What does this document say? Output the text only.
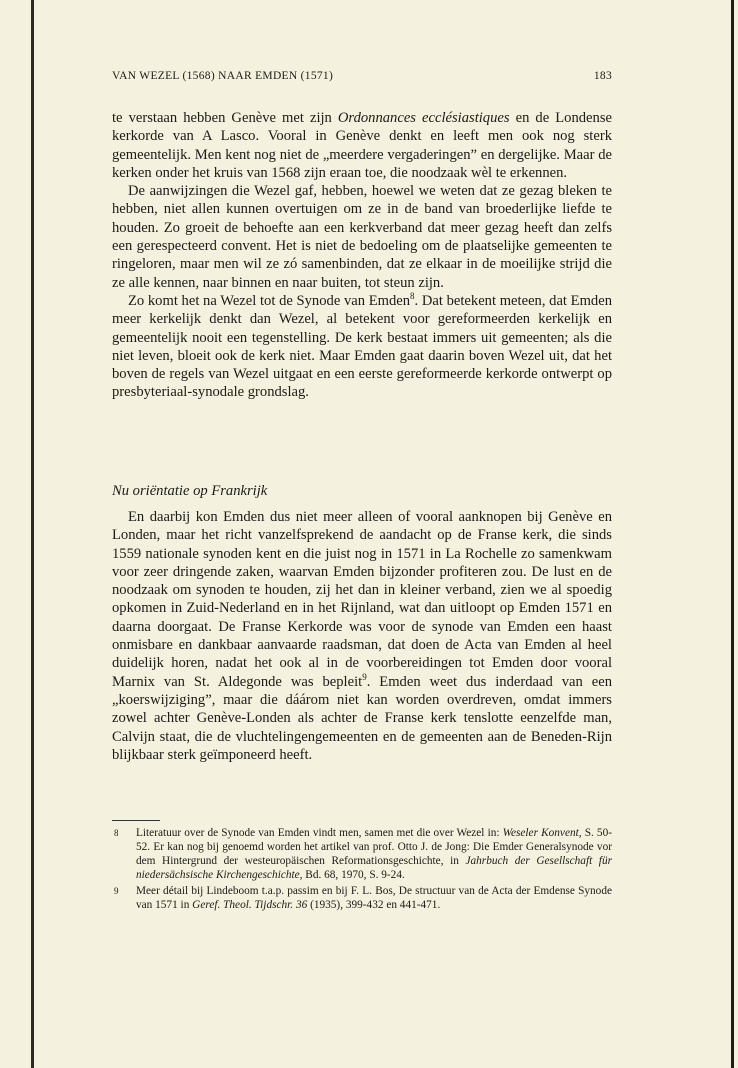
VAN WEZEL (1568) NAAR EMDEN (1571)	183

te verstaan hebben Genève met zijn Ordonnances ecclésiastiques en de Londense kerkorde van A Lasco. Vooral in Genève denkt en leeft men ook nog sterk gemeentelijk. Men kent nog niet de „meerdere vergaderingen” en dergelijke. Maar de kerken onder het kruis van 1568 zijn eraan toe, die noodzaak wèl te erkennen.

De aanwijzingen die Wezel gaf, hebben, hoewel we weten dat ze gezag bleken te hebben, niet allen kunnen overtuigen om ze in de band van broederlijke liefde te houden. Zo groeit de behoefte aan een kerkverband dat meer gezag heeft dan zelfs een gerespecteerd convent. Het is niet de bedoeling om de plaatselijke gemeenten te ringeloren, maar men wil ze zó samenbinden, dat ze elkaar in de moeilijke strijd die ze alle kennen, naar binnen en naar buiten, tot steun zijn.

Zo komt het na Wezel tot de Synode van Emden$^8$. Dat betekent meteen, dat Emden meer kerkelijk denkt dan Wezel, al betekent voor gereformeerden kerkelijk en gemeentelijk nooit een tegenstelling. De kerk bestaat immers uit gemeenten; als die niet leven, bloeit ook de kerk niet. Maar Emden gaat daarin boven Wezel uit, dat het boven de regels van Wezel uitgaat en een eerste gereformeerde kerkorde ontwerpt op presbyteriaal-synodale grondslag.

Nu oriëntatie op Frankrijk

En daarbij kon Emden dus niet meer alleen of vooral aanknopen bij Genève en Londen, maar het richt vanzelfsprekend de aandacht op de Franse kerk, die sinds 1559 nationale synoden kent en die juist nog in 1571 in La Rochelle zo samenkwam voor zeer dringende zaken, waarvan Emden bijzonder profiteren zou. De lust en de noodzaak om synoden te houden, zij het dan in kleiner verband, zien we al spoedig opkomen in Zuid-Nederland en in het Rijnland, wat dan uitloopt op Emden 1571 en daarna doorgaat. De Franse Kerkorde was voor de synode van Emden een haast onmisbare en dankbaar aanvaarde raadsman, dat doen de Acta van Emden al heel duidelijk horen, nadat het ook al in de voorbereidingen tot Emden door vooral Marnix van St. Aldegonde was bepleit$^9$. Emden weet dus inderdaad van een „koerswijziging”, maar die dáárom niet kan worden overdreven, omdat immers zowel achter Genève-Londen als achter de Franse kerk tenslotte eenzelfde man, Calvijn staat, die de vluchtelingengemeenten en de gemeenten aan de Beneden-Rijn blijkbaar sterk geïmponeerd heeft.

8 Literatuur over de Synode van Emden vindt men, samen met die over Wezel in: Weseler Konvent, S. 50-52. Er kan nog bij genoemd worden het artikel van prof. Otto J. de Jong: Die Emder Generalsynode vor dem Hintergrund der westeuropäischen Reformationsgeschichte, in Jahrbuch der Gesellschaft für niedersächsische Kirchengeschichte, Bd. 68, 1970, S. 9-24.
9 Meer détail bij Lindeboom t.a.p. passim en bij F. L. Bos, De structuur van de Acta der Emdense Synode van 1571 in Geref. Theol. Tijdschr. 36 (1935), 399-432 en 441-471.
